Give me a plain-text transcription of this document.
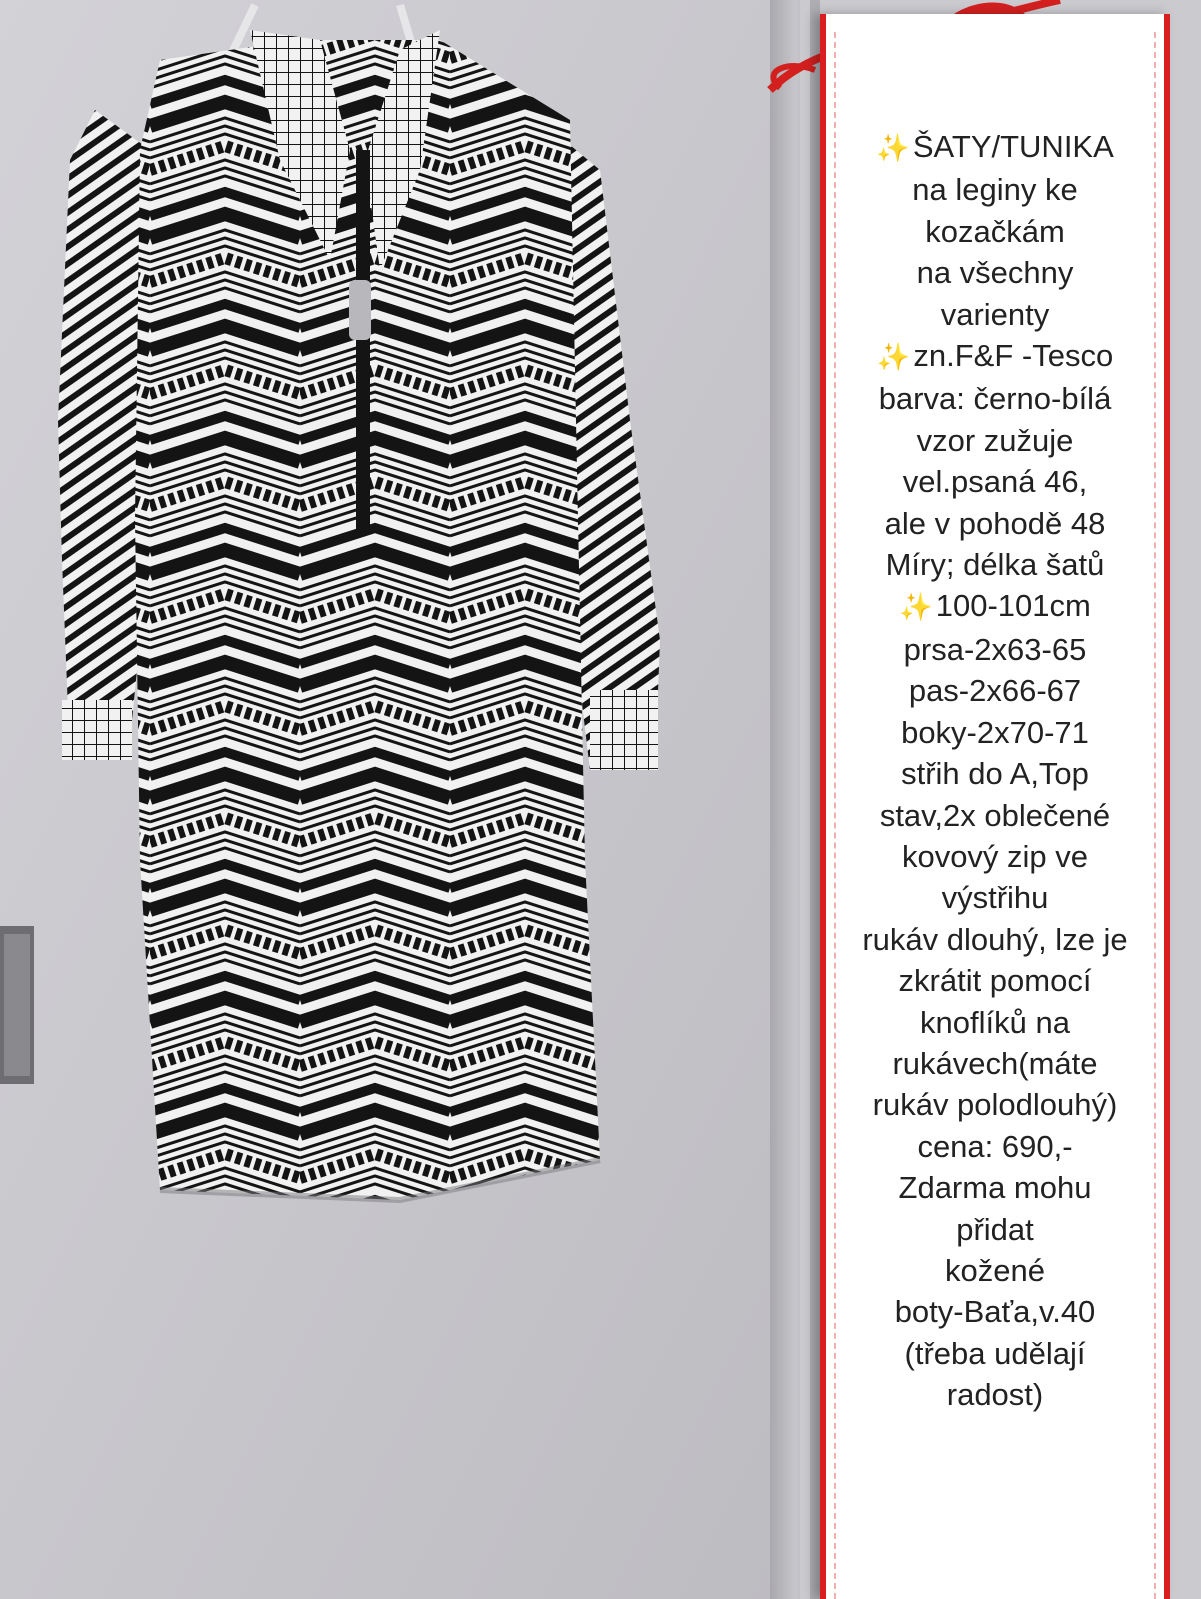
✨ŠATY/TUNIKA
na leginy ke
kozačkám
na všechny
varienty
✨zn.F&F -Tesco
barva: černo-bílá
vzor zužuje
vel.psaná 46,
ale v pohodě 48
Míry; délka šatů
✨100-101cm
prsa-2x63-65
pas-2x66-67
boky-2x70-71
střih do A,Top
stav,2x oblečené
kovový zip ve
výstřihu
rukáv dlouhý, lze je
zkrátit pomocí
knoflíků na
rukávech(máte
rukáv polodlouhý)
cena: 690,-
Zdarma mohu
přidat
kožené
boty-Baťa,v.40
(třeba udělají
radost)
